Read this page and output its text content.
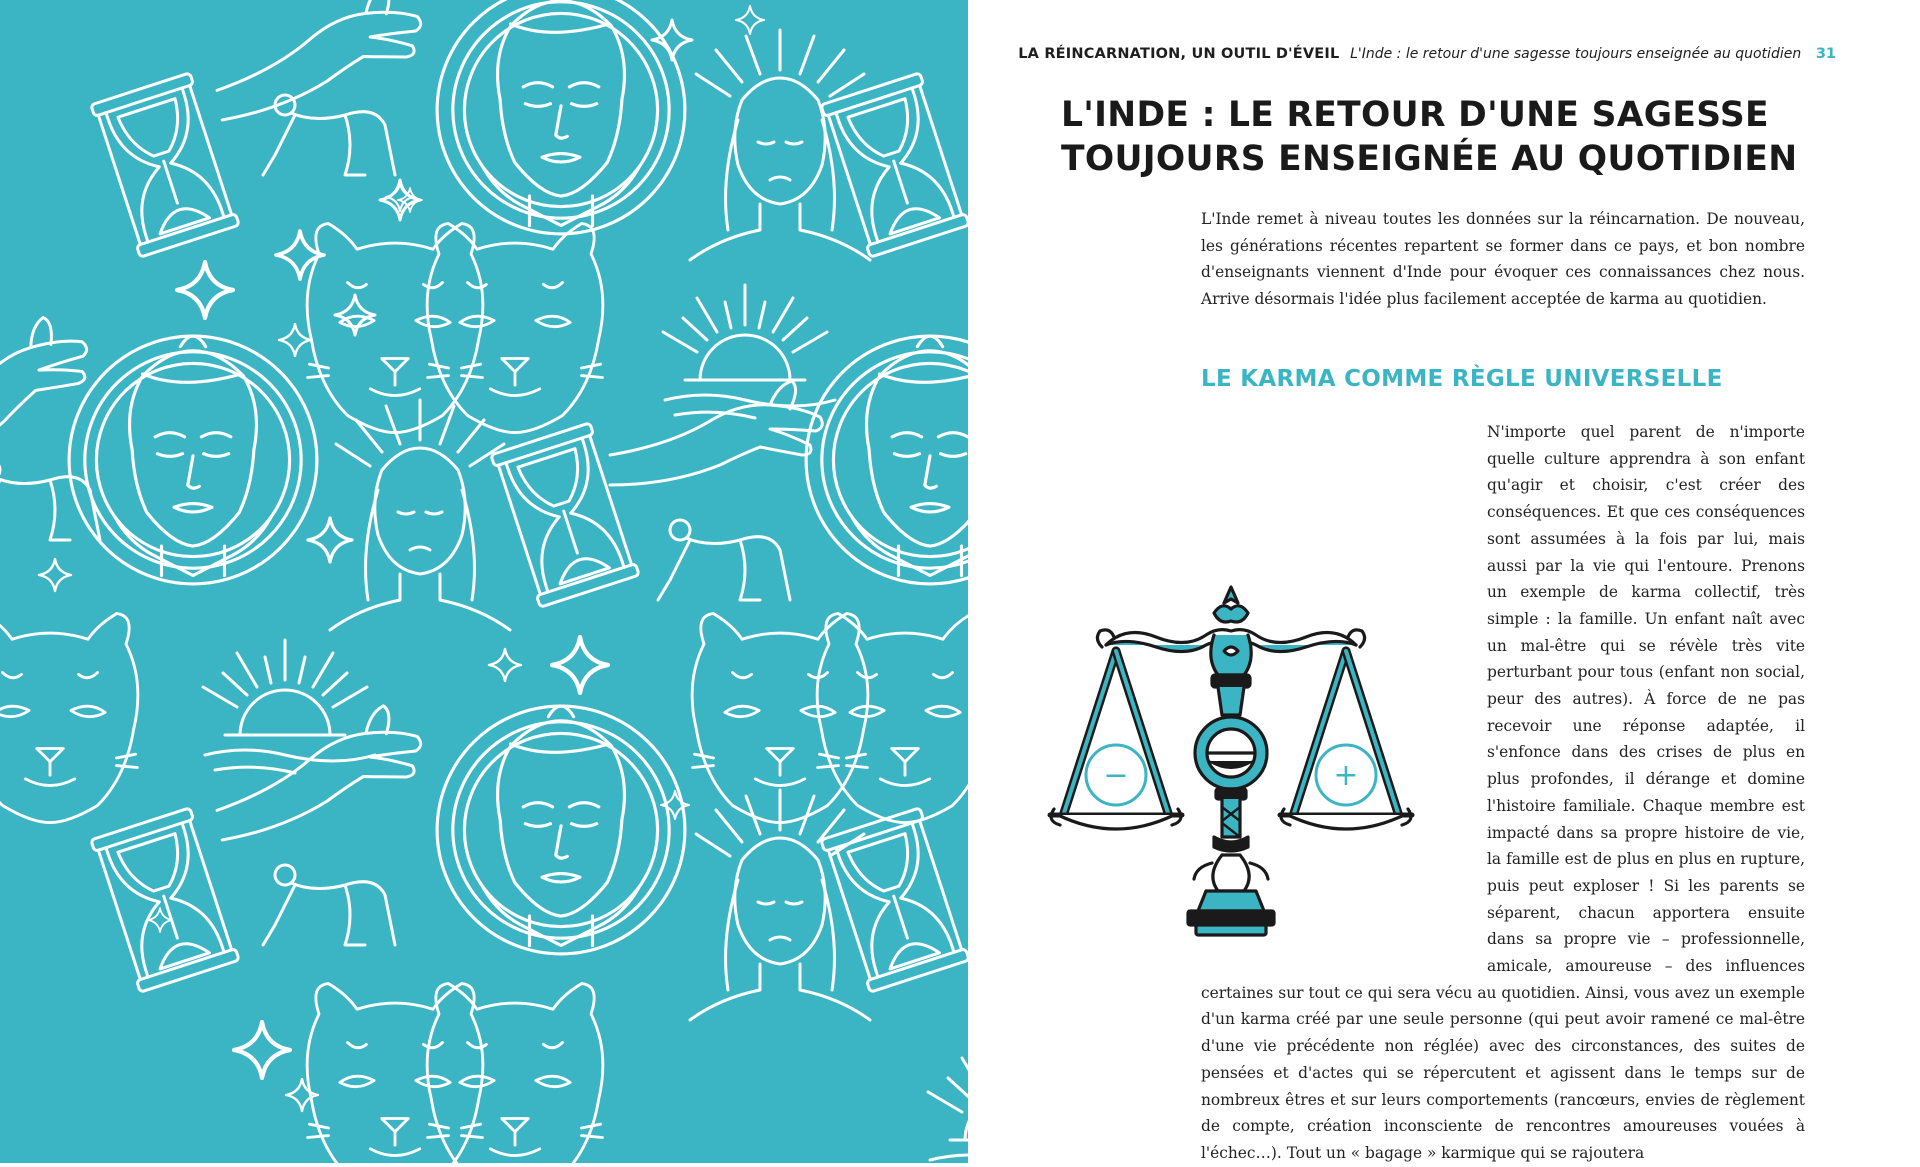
LA RÉINCARNATION, UN OUTIL D'ÉVEIL L'Inde : le retour d'une sagesse toujours enseignée au quotidien 31
L'INDE : LE RETOUR D'UNE SAGESSE TOUJOURS ENSEIGNÉE AU QUOTIDIEN

L'Inde remet à niveau toutes les données sur la réincarnation. De nouveau, les générations récentes repartent se former dans ce pays, et bon nombre d'enseignants viennent d'Inde pour évoquer ces connaissances chez nous. Arrive désormais l'idée plus facilement acceptée de karma au quotidien.

LE KARMA COMME RÈGLE UNIVERSELLE

N'importe quel parent de n'importe quelle culture apprendra à son enfant qu'agir et choisir, c'est créer des conséquences. Et que ces conséquences sont assumées à la fois par lui, mais aussi par la vie qui l'entoure. Prenons un exemple de karma collectif, très simple : la famille. Un enfant naît avec un mal-être qui se révèle très vite perturbant pour tous (enfant non social, peur des autres). À force de ne pas recevoir une réponse adaptée, il s'enfonce dans des crises de plus en plus profondes, il dérange et domine l'histoire familiale. Chaque membre est impacté dans sa propre histoire de vie, la famille est de plus en plus en rupture, puis peut exploser ! Si les parents se séparent, chacun apportera ensuite dans sa propre vie – professionnelle, amicale, amoureuse – des influences certaines sur tout ce qui sera vécu au quotidien. Ainsi, vous avez un exemple d'un karma créé par une seule personne (qui peut avoir ramené ce mal-être d'une vie précédente non réglée) avec des circonstances, des suites de pensées et d'actes qui se répercutent et agissent dans le temps sur de nombreux êtres et sur leurs comportements (rancœurs, envies de règlement de compte, création inconsciente de rencontres amoureuses vouées à l'échec…). Tout un « bagage » karmique qui se rajoutera

−	+
